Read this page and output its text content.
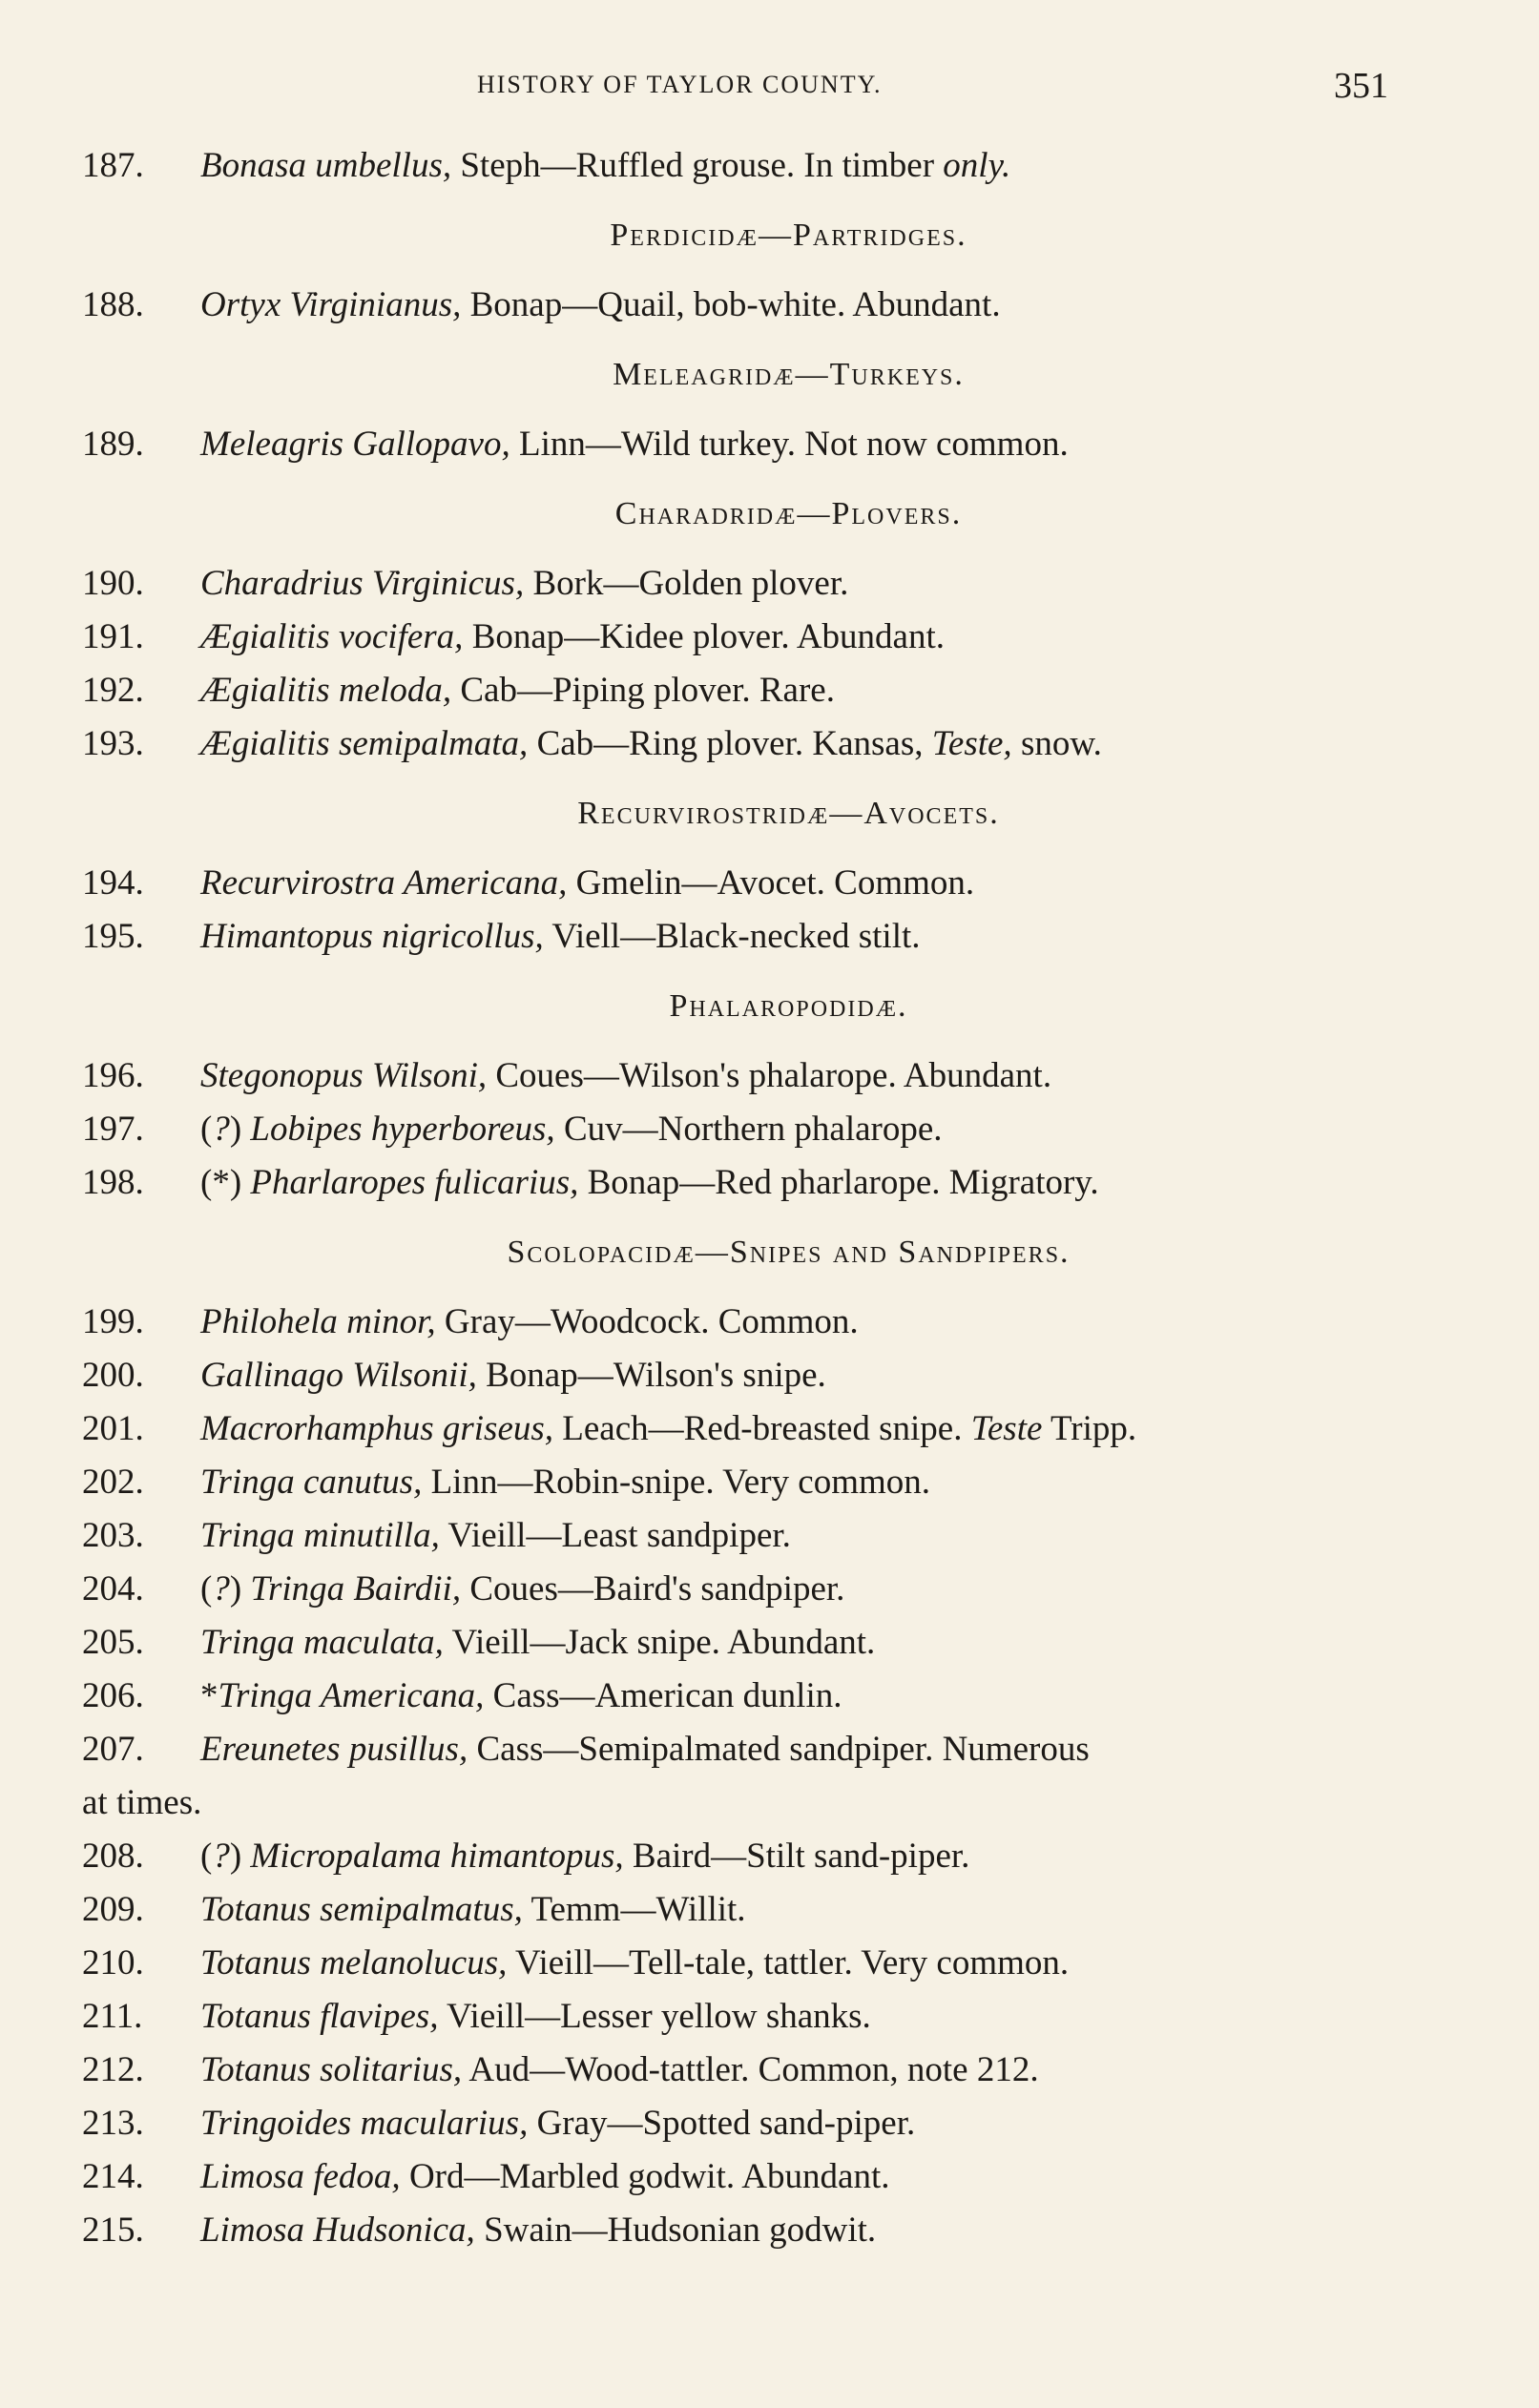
HISTORY OF TAYLOR COUNTY.	351
187.	Bonasa umbellus, Steph—Ruffled grouse. In timber only.
Perdicidæ—Partridges.
188.	Ortyx Virginianus, Bonap—Quail, bob-white. Abundant.
Meleagridæ—Turkeys.
189.	Meleagris Gallopavo, Linn—Wild turkey. Not now common.
Charadridæ—Plovers.
190.	Charadrius Virginicus, Bork—Golden plover.
191.	Ægialitis vocifera, Bonap—Kidee plover. Abundant.
192.	Ægialitis meloda, Cab—Piping plover. Rare.
193.	Ægialitis semipalmata, Cab—Ring plover. Kansas, Teste, snow.
Recurvirostridæ—Avocets.
194.	Recurvirostra Americana, Gmelin—Avocet. Common.
195.	Himantopus nigricollus, Viell—Black-necked stilt.
Phalaropodidæ.
196.	Stegonopus Wilsoni, Coues—Wilson's phalarope. Abundant.
197.	(?) Lobipes hyperboreus, Cuv—Northern phalarope.
198.	(*) Pharlaropes fulicarius, Bonap—Red pharlarope. Migratory.
Scolopacidæ—Snipes and Sandpipers.
199.	Philohela minor, Gray—Woodcock. Common.
200.	Gallinago Wilsonii, Bonap—Wilson's snipe.
201.	Macrorhamphus griseus, Leach—Red-breasted snipe. Teste Tripp.
202.	Tringa canutus, Linn—Robin-snipe. Very common.
203.	Tringa minutilla, Vieill—Least sandpiper.
204.	(?) Tringa Bairdii, Coues—Baird's sandpiper.
205.	Tringa maculata, Vieill—Jack snipe. Abundant.
206.	*Tringa Americana, Cass—American dunlin.
207.	Ereunetes pusillus, Cass—Semipalmated sandpiper. Numerous
at times.
208.	(?) Micropalama himantopus, Baird—Stilt sand-piper.
209.	Totanus semipalmatus, Temm—Willit.
210.	Totanus melanolucus, Vieill—Tell-tale, tattler. Very common.
211.	Totanus flavipes, Vieill—Lesser yellow shanks.
212.	Totanus solitarius, Aud—Wood-tattler. Common, note 212.
213.	Tringoides macularius, Gray—Spotted sand-piper.
214.	Limosa fedoa, Ord—Marbled godwit. Abundant.
215.	Limosa Hudsonica, Swain—Hudsonian godwit.
